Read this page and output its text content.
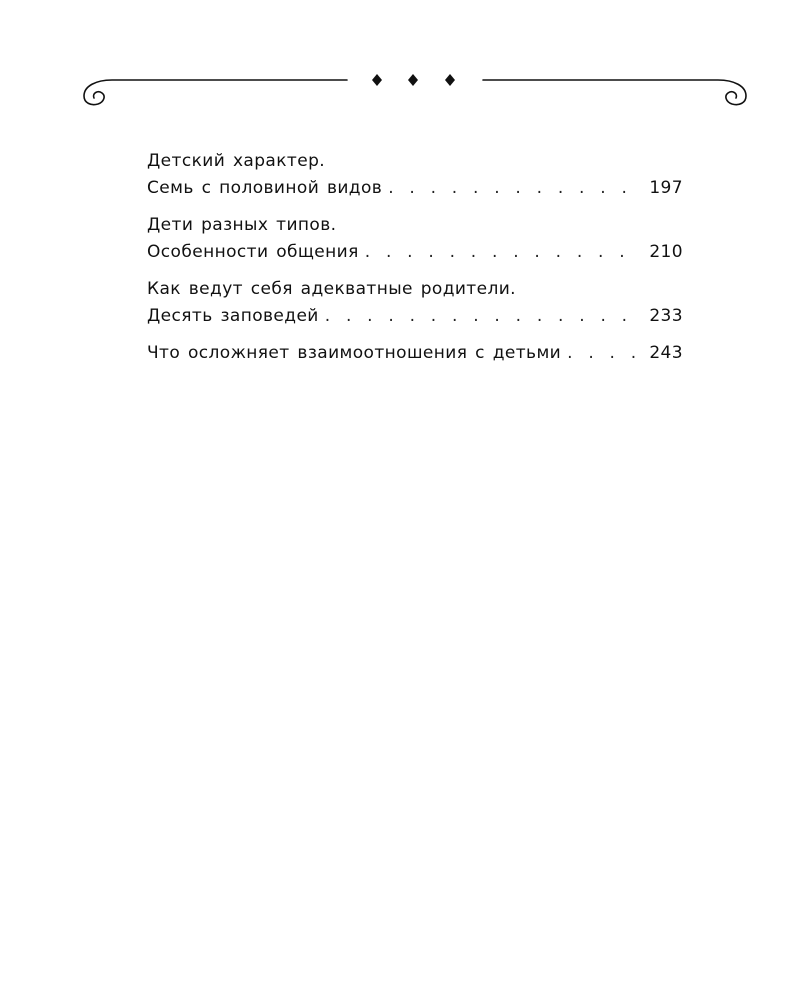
Детский характер.
Семь с половиной видов . . .	197
Дети разных типов.
Особенности общения . . .	210
Как ведут себя адекватные родители.
Десять заповедей . . .	233
Что осложняет взаимоотношения с детьми . . .	243
